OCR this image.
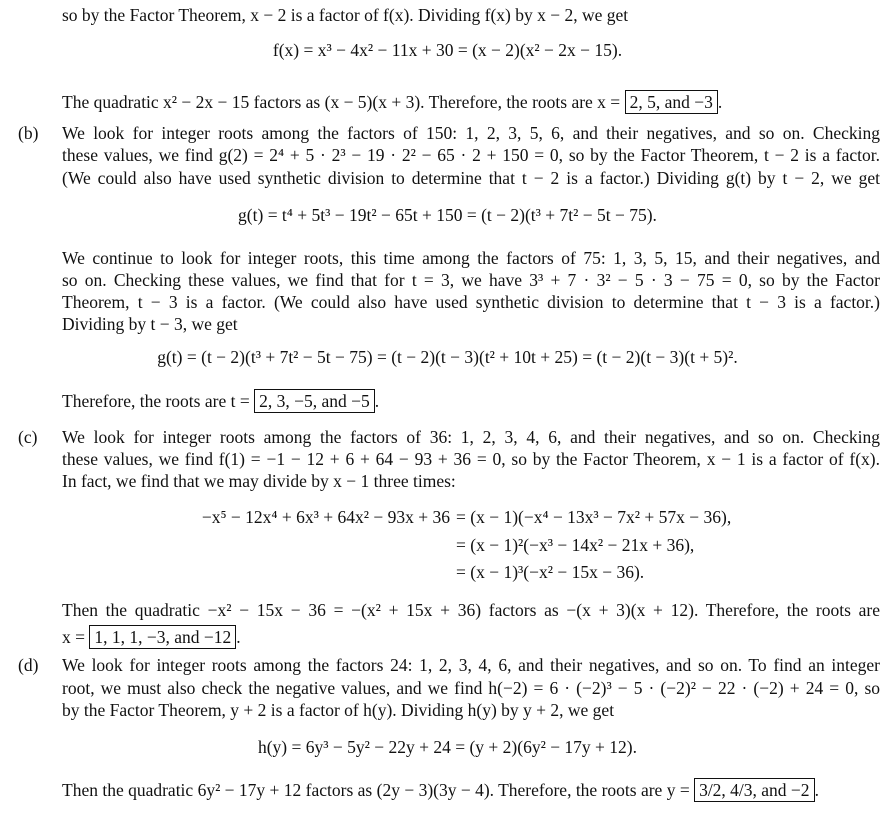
so by the Factor Theorem, x − 2 is a factor of f(x). Dividing f(x) by x − 2, we get
f(x) = x³ − 4x² − 11x + 30 = (x − 2)(x² − 2x − 15).
The quadratic x² − 2x − 15 factors as (x − 5)(x + 3). Therefore, the roots are x = 2, 5, and −3 .
(b) We look for integer roots among the factors of 150: 1, 2, 3, 5, 6, and their negatives, and so on. Checking
these values, we find g(2) = 2⁴ + 5 · 2³ − 19 · 2² − 65 · 2 + 150 = 0, so by the Factor Theorem, t − 2 is a factor.
(We could also have used synthetic division to determine that t − 2 is a factor.) Dividing g(t) by t − 2, we get
g(t) = t⁴ + 5t³ − 19t² − 65t + 150 = (t − 2)(t³ + 7t² − 5t − 75).
We continue to look for integer roots, this time among the factors of 75: 1, 3, 5, 15, and their negatives, and
so on. Checking these values, we find that for t = 3, we have 3³ + 7 · 3² − 5 · 3 − 75 = 0, so by the Factor
Theorem, t − 3 is a factor. (We could also have used synthetic division to determine that t − 3 is a factor.)
Dividing by t − 3, we get
g(t) = (t − 2)(t³ + 7t² − 5t − 75) = (t − 2)(t − 3)(t² + 10t + 25) = (t − 2)(t − 3)(t + 5)².
Therefore, the roots are t = 2, 3, −5, and −5 .
(c) We look for integer roots among the factors of 36: 1, 2, 3, 4, 6, and their negatives, and so on. Checking
these values, we find f(1) = −1 − 12 + 6 + 64 − 93 + 36 = 0, so by the Factor Theorem, x − 1 is a factor of f(x).
In fact, we find that we may divide by x − 1 three times:
−x⁵ − 12x⁴ + 6x³ + 64x² − 93x + 36 = (x − 1)(−x⁴ − 13x³ − 7x² + 57x − 36),
= (x − 1)²(−x³ − 14x² − 21x + 36),
= (x − 1)³(−x² − 15x − 36).
Then the quadratic −x² − 15x − 36 = −(x² + 15x + 36) factors as −(x + 3)(x + 12). Therefore, the roots are
x = 1, 1, 1, −3, and −12 .
(d) We look for integer roots among the factors 24: 1, 2, 3, 4, 6, and their negatives, and so on. To find an integer
root, we must also check the negative values, and we find h(−2) = 6 · (−2)³ − 5 · (−2)² − 22 · (−2) + 24 = 0, so
by the Factor Theorem, y + 2 is a factor of h(y). Dividing h(y) by y + 2, we get
h(y) = 6y³ − 5y² − 22y + 24 = (y + 2)(6y² − 17y + 12).
Then the quadratic 6y² − 17y + 12 factors as (2y − 3)(3y − 4). Therefore, the roots are y = 3/2, 4/3, and −2 .
